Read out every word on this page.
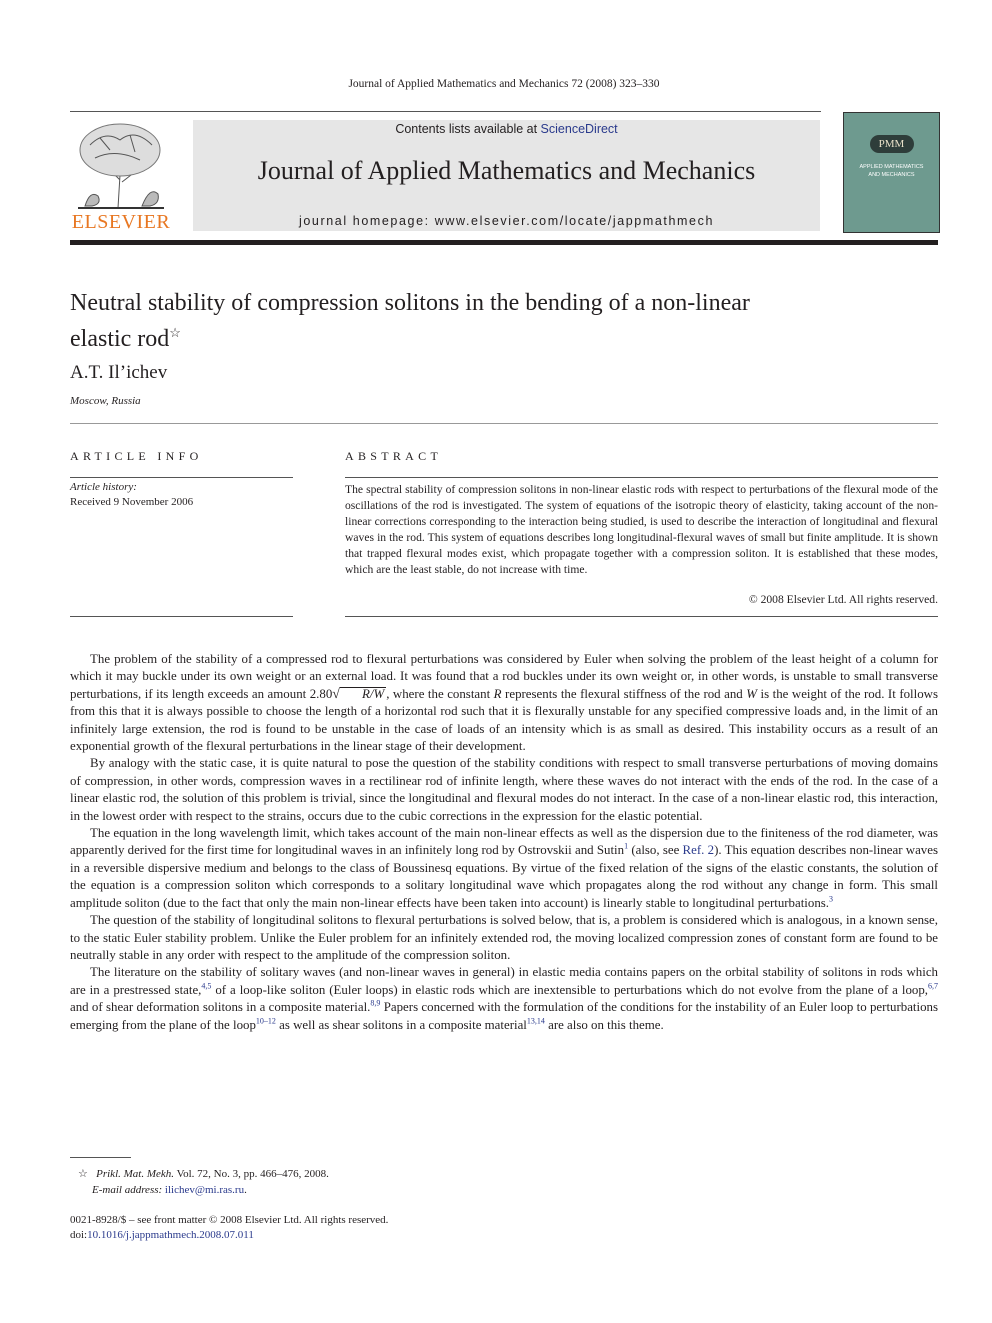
Journal of Applied Mathematics and Mechanics 72 (2008) 323–330
ELSEVIER
Contents lists available at ScienceDirect
Journal of Applied Mathematics and Mechanics
journal homepage: www.elsevier.com/locate/jappmathmech
PMM
APPLIED MATHEMATICS
AND MECHANICS
Neutral stability of compression solitons in the bending of a non-linear
elastic rod☆
A.T. Il’ichev
Moscow, Russia
ARTICLE INFO	ABSTRACT
Article history:
Received 9 November 2006
The spectral stability of compression solitons in non-linear elastic rods with respect to perturbations of the flexural mode of the oscillations of the rod is investigated. The system of equations of the isotropic theory of elasticity, taking account of the non-linear corrections corresponding to the interaction being studied, is used to describe the interaction of longitudinal and flexural waves in the rod. This system of equations describes long longitudinal-flexural waves of small but finite amplitude. It is shown that trapped flexural modes exist, which propagate together with a compression soliton. It is established that these modes, which are the least stable, do not increase with time.
© 2008 Elsevier Ltd. All rights reserved.

The problem of the stability of a compressed rod to flexural perturbations was considered by Euler when solving the problem of the least height of a column for which it may buckle under its own weight or an external load. It was found that a rod buckles under its own weight or, in other words, is unstable to small transverse perturbations, if its length exceeds an amount 2.80√ R/W , where the constant R represents the flexural stiffness of the rod and W is the weight of the rod. It follows from this that it is always possible to choose the length of a horizontal rod such that it is flexurally unstable for any specified compressive loads and, in the limit of an infinitely large extension, the rod is found to be unstable in the case of loads of an intensity which is as small as desired. This instability occurs as a result of an exponential growth of the flexural perturbations in the linear stage of their development.

By analogy with the static case, it is quite natural to pose the question of the stability conditions with respect to small transverse perturbations of moving domains of compression, in other words, compression waves in a rectilinear rod of infinite length, where these waves do not interact with the ends of the rod. In the case of a linear elastic rod, the solution of this problem is trivial, since the longitudinal and flexural modes do not interact. In the case of a non-linear elastic rod, this interaction, in the lowest order with respect to the strains, occurs due to the cubic corrections in the expression for the elastic potential.

The equation in the long wavelength limit, which takes account of the main non-linear effects as well as the dispersion due to the finiteness of the rod diameter, was apparently derived for the first time for longitudinal waves in an infinitely long rod by Ostrovskii and Sutin$^1$ (also, see Ref. 2). This equation describes non-linear waves in a reversible dispersive medium and belongs to the class of Boussinesq equations. By virtue of the fixed relation of the signs of the elastic constants, the solution of the equation is a compression soliton which corresponds to a solitary longitudinal wave which propagates along the rod without any change in form. This small amplitude soliton (due to the fact that only the main non-linear effects have been taken into account) is linearly stable to longitudinal perturbations.$^3$

The question of the stability of longitudinal solitons to flexural perturbations is solved below, that is, a problem is considered which is analogous, in a known sense, to the static Euler stability problem. Unlike the Euler problem for an infinitely extended rod, the moving localized compression zones of constant form are found to be neutrally stable in any order with respect to the amplitude of the compression soliton.

The literature on the stability of solitary waves (and non-linear waves in general) in elastic media contains papers on the orbital stability of solitons in rods which are in a prestressed state,$^{4,5}$ of a loop-like soliton (Euler loops) in elastic rods which are inextensible to perturbations which do not evolve from the plane of a loop,$^{6,7}$ and of shear deformation solitons in a composite material.$^{8,9}$ Papers concerned with the formulation of the conditions for the instability of an Euler loop to perturbations emerging from the plane of the loop$^{10-12}$ as well as shear solitons in a composite material$^{13,14}$ are also on this theme.

☆ Prikl. Mat. Mekh. Vol. 72, No. 3, pp. 466–476, 2008.
E-mail address: ilichev@mi.ras.ru.
0021-8928/$ – see front matter © 2008 Elsevier Ltd. All rights reserved.
doi:10.1016/j.jappmathmech.2008.07.011
